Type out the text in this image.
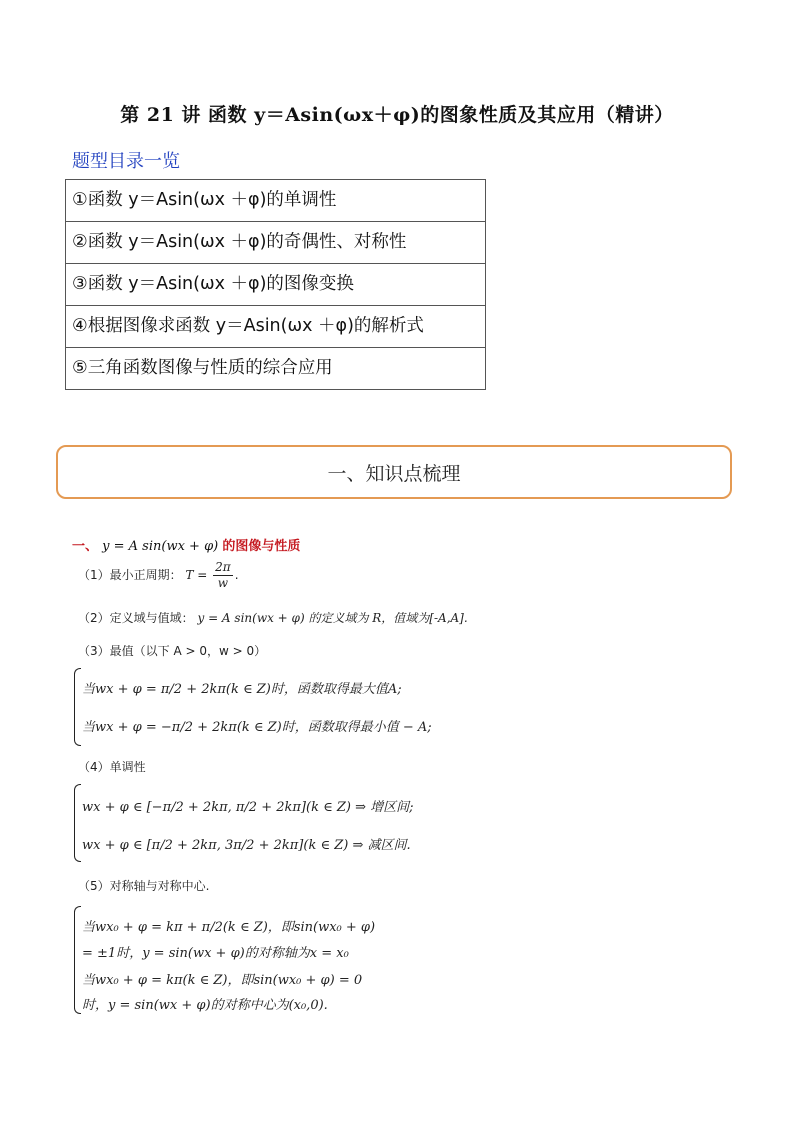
第 21 讲 函数 y＝Asin(ωx＋φ)的图象性质及其应用（精讲）
题型目录一览
①函数 y＝Asin(ωx ＋φ)的单调性
②函数 y＝Asin(ωx ＋φ)的奇偶性、对称性
③函数 y＝Asin(ωx ＋φ)的图像变换

④根据图像求函数 y＝Asin(ωx ＋φ)的解析式

⑤三角函数图像与性质的综合应用
一、知识点梳理
一、 y = A sin(wx + φ) 的图像与性质
（1）最小正周期： $T = \frac{2\pi}{w}$ .
（2）定义域与值域： y = A sin(wx + φ) 的定义域为 R，值域为[-A,A].
（3）最值（以下 A > 0，w > 0）
当wx + φ = π/2 + 2kπ(k ∈ Z)时，函数取得最大值A;
当wx + φ = −π/2 + 2kπ(k ∈ Z)时，函数取得最小值 − A;
（4）单调性
wx + φ ∈ [−π/2 + 2kπ, π/2 + 2kπ](k ∈ Z) ⇒ 增区间;
wx + φ ∈ [π/2 + 2kπ, 3π/2 + 2kπ](k ∈ Z) ⇒ 减区间.
（5）对称轴与对称中心.
当wx₀ + φ = kπ + π/2(k ∈ Z)，即sin(wx₀ + φ)
= ±1时，y = sin(wx + φ)的对称轴为x = x₀
当wx₀ + φ = kπ(k ∈ Z)，即sin(wx₀ + φ) = 0
时，y = sin(wx + φ)的对称中心为(x₀,0).
